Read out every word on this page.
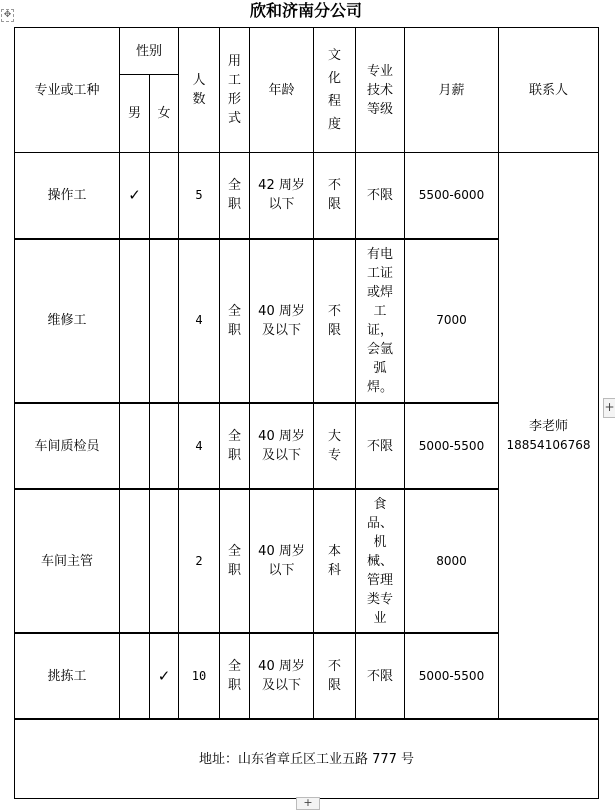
✥	欣和济南分公司
专业或工种	性别		人数	用工形式	年龄	文 化程 度	专业技术等级	月薪	联系人
	男	女							
操作工	✓		5	全职	42 周岁以下	不限	不限	5500-6000	李老师
18854106768

维修工			4	全职	40 周岁及以下	不限	有电工证或焊工证，会氩弧焊。	7000	
车间质检员			4	全职	40 周岁及以下	大专	不限	5000-5500	
车间主管			2	全职	40 周岁以下	本科	食品、机械、管理类专业	8000	
挑拣工		✓	10	全职	40 周岁及以下	不限	不限	5000-5500	
地址：山东省章丘区工业五路 777 号									
+
+
